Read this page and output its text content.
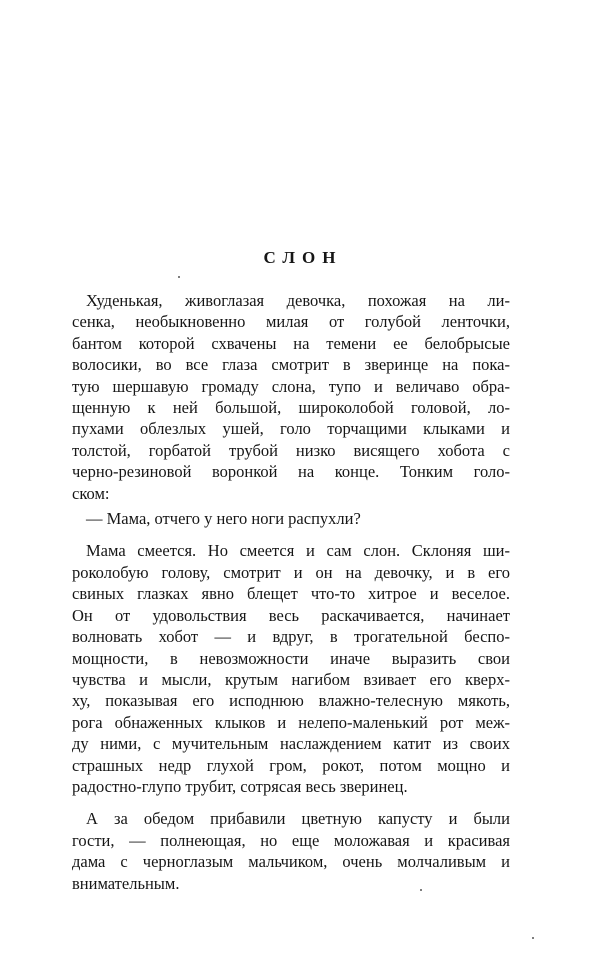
СЛОН
Худенькая, живоглазая девочка, похожая на ли-
сенка, необыкновенно милая от голубой ленточки,
бантом которой схвачены на темени ее белобрысые
волосики, во все глаза смотрит в зверинце на пока-
тую шершавую громаду слона, тупо и величаво обра-
щенную к ней большой, широколобой головой, ло-
пухами облезлых ушей, голо торчащими клыками и
толстой, горбатой трубой низко висящего хобота с
черно-резиновой воронкой на конце. Тонким голо-
ском:
— Мама, отчего у него ноги распухли?
Мама смеется. Но смеется и сам слон. Склоняя ши-
роколобую голову, смотрит и он на девочку, и в его
свиных глазках явно блещет что-то хитрое и веселое.
Он от удовольствия весь раскачивается, начинает
волновать хобот — и вдруг, в трогательной беспо-
мощности, в невозможности иначе выразить свои
чувства и мысли, крутым нагибом взивает его кверх-
ху, показывая его исподнюю влажно-телесную мякоть,
рога обнаженных клыков и нелепо-маленький рот меж-
ду ними, с мучительным наслаждением катит из своих
страшных недр глухой гром, рокот, потом мощно и
радостно-глупо трубит, сотрясая весь зверинец.
А за обедом прибавили цветную капусту и были
гости, — полнеющая, но еще моложавая и красивая
дама с черноглазым мальчиком, очень молчаливым и
внимательным.
